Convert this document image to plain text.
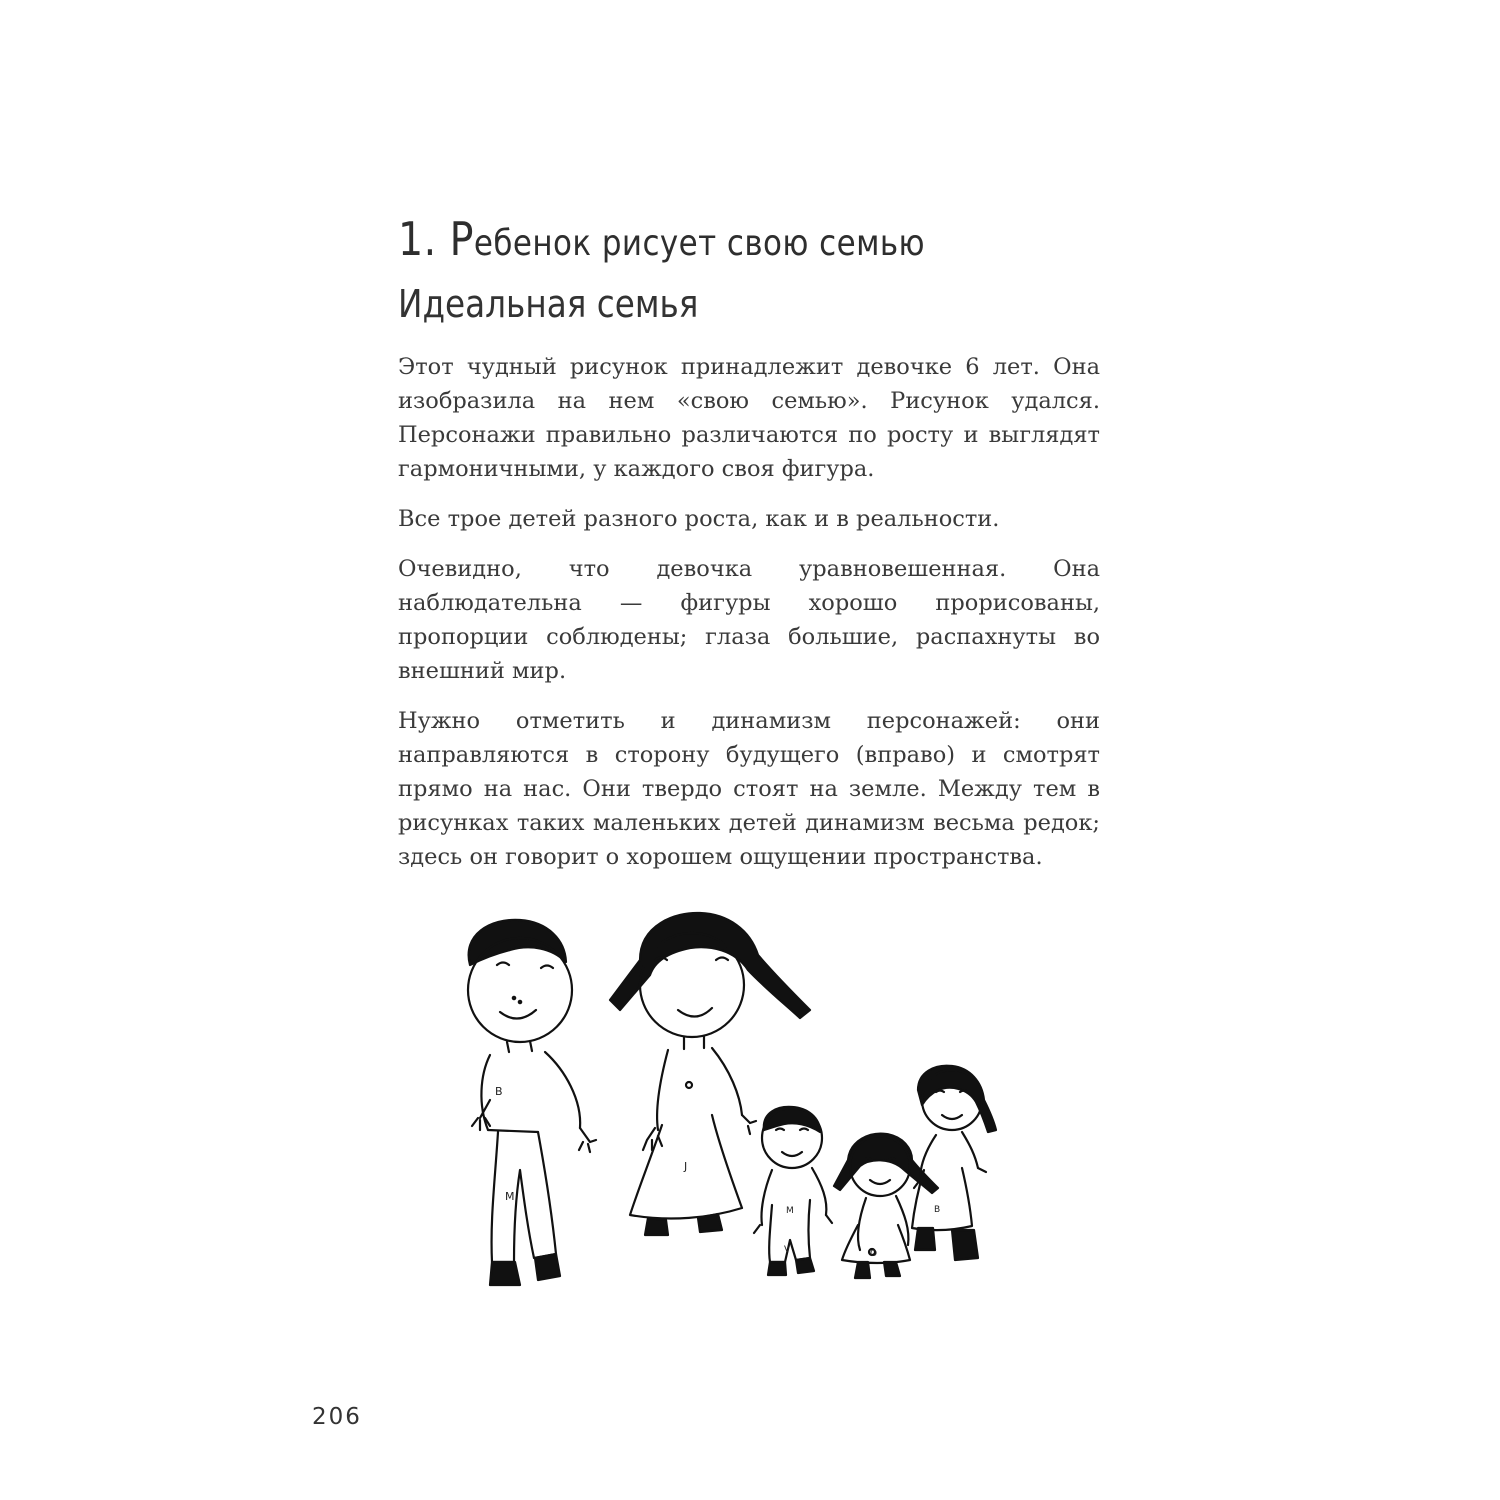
1. Ребенок рисует свою семью
Идеальная семья

Этот чудный рисунок принадлежит девочке 6 лет. Она изобразила на нем «свою семью». Рисунок удался. Персонажи правильно различаются по росту и выглядят гармоничными, у каждого своя фигура.

Все трое детей разного роста, как и в реальности.

Очевидно, что девочка уравновешенная. Она наблюдательна — фигуры хорошо прорисованы, пропорции соблюдены; глаза большие, распахнуты во внешний мир.

Нужно отметить и динамизм персонажей: они направляются в сторону будущего (вправо) и смотрят прямо на нас. Они твердо стоят на земле. Между тем в рисунках таких маленьких детей динамизм весьма редок; здесь он говорит о хорошем ощущении пространства.

B
M
J
M
V	O
B
206
